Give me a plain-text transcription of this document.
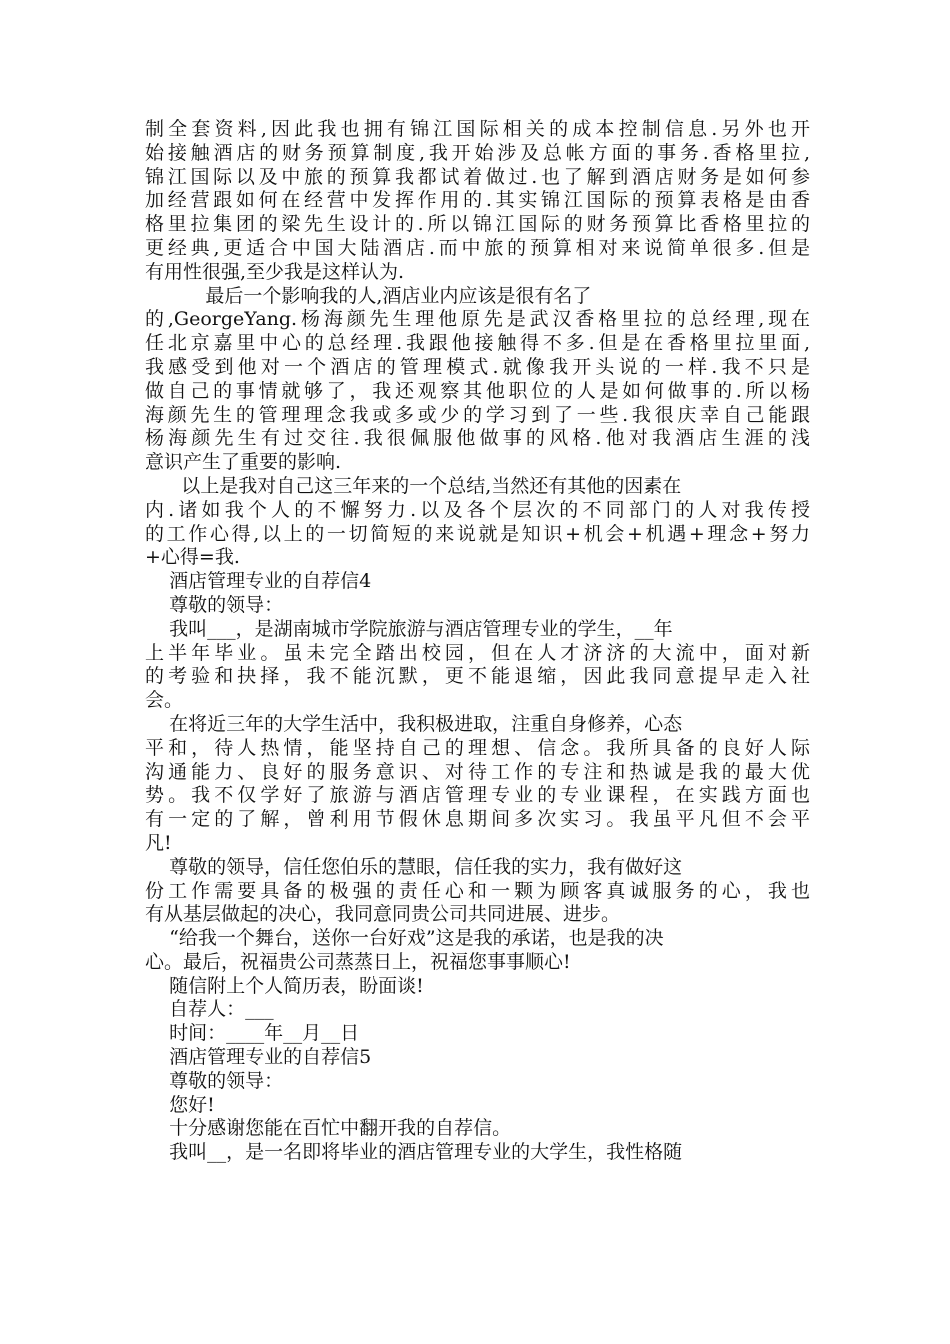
制全套资料,因此我也拥有锦江国际相关的成本控制信息.另外也开
始接触酒店的财务预算制度,我开始涉及总帐方面的事务.香格里拉,
锦江国际以及中旅的预算我都试着做过.也了解到酒店财务是如何参
加经营跟如何在经营中发挥作用的.其实锦江国际的预算表格是由香
格里拉集团的梁先生设计的.所以锦江国际的财务预算比香格里拉的
更经典,更适合中国大陆酒店.而中旅的预算相对来说简单很多.但是
有用性很强,至少我是这样认为.
最后一个影响我的人,酒店业内应该是很有名了
的,GeorgeYang.杨海颜先生理他原先是武汉香格里拉的总经理,现在
任北京嘉里中心的总经理.我跟他接触得不多.但是在香格里拉里面,
我感受到他对一个酒店的管理模式.就像我开头说的一样.我不只是
做自己的事情就够了，我还观察其他职位的人是如何做事的.所以杨
海颜先生的管理理念我或多或少的学习到了一些.我很庆幸自己能跟
杨海颜先生有过交往.我很佩服他做事的风格.他对我酒店生涯的浅
意识产生了重要的影响.
以上是我对自己这三年来的一个总结,当然还有其他的因素在
内.诸如我个人的不懈努力.以及各个层次的不同部门的人对我传授
的工作心得,以上的一切简短的来说就是知识+机会+机遇+理念+努力
+心得=我.
酒店管理专业的自荐信4
尊敬的领导：
我叫___，是湖南城市学院旅游与酒店管理专业的学生，__年
上半年毕业。虽未完全踏出校园，但在人才济济的大流中，面对新
的考验和抉择，我不能沉默，更不能退缩，因此我同意提早走入社
会。
在将近三年的大学生活中，我积极进取，注重自身修养，心态
平和，待人热情，能坚持自己的理想、信念。我所具备的良好人际
沟通能力、良好的服务意识、对待工作的专注和热诚是我的最大优
势。我不仅学好了旅游与酒店管理专业的专业课程，在实践方面也
有一定的了解，曾利用节假休息期间多次实习。我虽平凡但不会平
凡!
尊敬的领导，信任您伯乐的慧眼，信任我的实力，我有做好这
份工作需要具备的极强的责任心和一颗为顾客真诚服务的心，我也
有从基层做起的决心，我同意同贵公司共同进展、进步。
“给我一个舞台，送你一台好戏”这是我的承诺，也是我的决
心。最后，祝福贵公司蒸蒸日上，祝福您事事顺心!
随信附上个人简历表，盼面谈!
自荐人：___
时间：____年__月__日
酒店管理专业的自荐信5
尊敬的领导：
您好!
十分感谢您能在百忙中翻开我的自荐信。
我叫__，是一名即将毕业的酒店管理专业的大学生，我性格随
